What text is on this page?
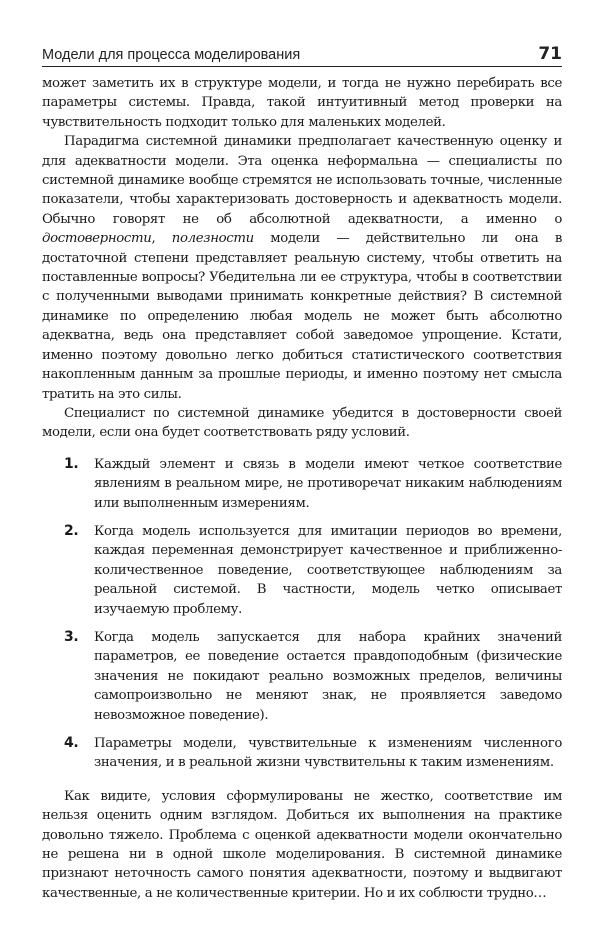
Модели для процесса моделирования	71

может заметить их в структуре модели, и тогда не нужно перебирать все параметры системы. Правда, такой интуитивный метод проверки на чувствительность подходит только для маленьких моделей.

Парадигма системной динамики предполагает качественную оценку и для адекватности модели. Эта оценка неформальна — специалисты по системной динамике вообще стремятся не использовать точные, численные показатели, чтобы характеризовать достоверность и адекватность модели. Обычно говорят не об абсолютной адекватности, а именно о достоверности, полезности модели — действительно ли она в достаточной степени представляет реальную систему, чтобы ответить на поставленные вопросы? Убедительна ли ее структура, чтобы в соответствии с полученными выводами принимать конкретные действия? В системной динамике по определению любая модель не может быть абсолютно адекватна, ведь она представляет собой заведомое упрощение. Кстати, именно поэтому довольно легко добиться статистического соответствия накопленным данным за прошлые периоды, и именно поэтому нет смысла тратить на это силы.

Специалист по системной динамике убедится в достоверности своей модели, если она будет соответствовать ряду условий.

1. Каждый элемент и связь в модели имеют четкое соответствие явлениям в реальном мире, не противоречат никаким наблюдениям или выполненным измерениям.
2. Когда модель используется для имитации периодов во времени, каждая переменная демонстрирует качественное и приближенно-количественное поведение, соответствующее наблюдениям за реальной системой. В частности, модель четко описывает изучаемую проблему.
3. Когда модель запускается для набора крайних значений параметров, ее поведение остается правдоподобным (физические значения не покидают реально возможных пределов, величины самопроизвольно не меняют знак, не проявляется заведомо невозможное поведение).
4. Параметры модели, чувствительные к изменениям численного значения, и в реальной жизни чувствительны к таким изменениям.

Как видите, условия сформулированы не жестко, соответствие им нельзя оценить одним взглядом. Добиться их выполнения на практике довольно тяжело. Проблема с оценкой адекватности модели окончательно не решена ни в одной школе моделирования. В системной динамике признают неточность самого понятия адекватности, поэтому и выдвигают качественные, а не количественные критерии. Но и их соблюсти трудно…
